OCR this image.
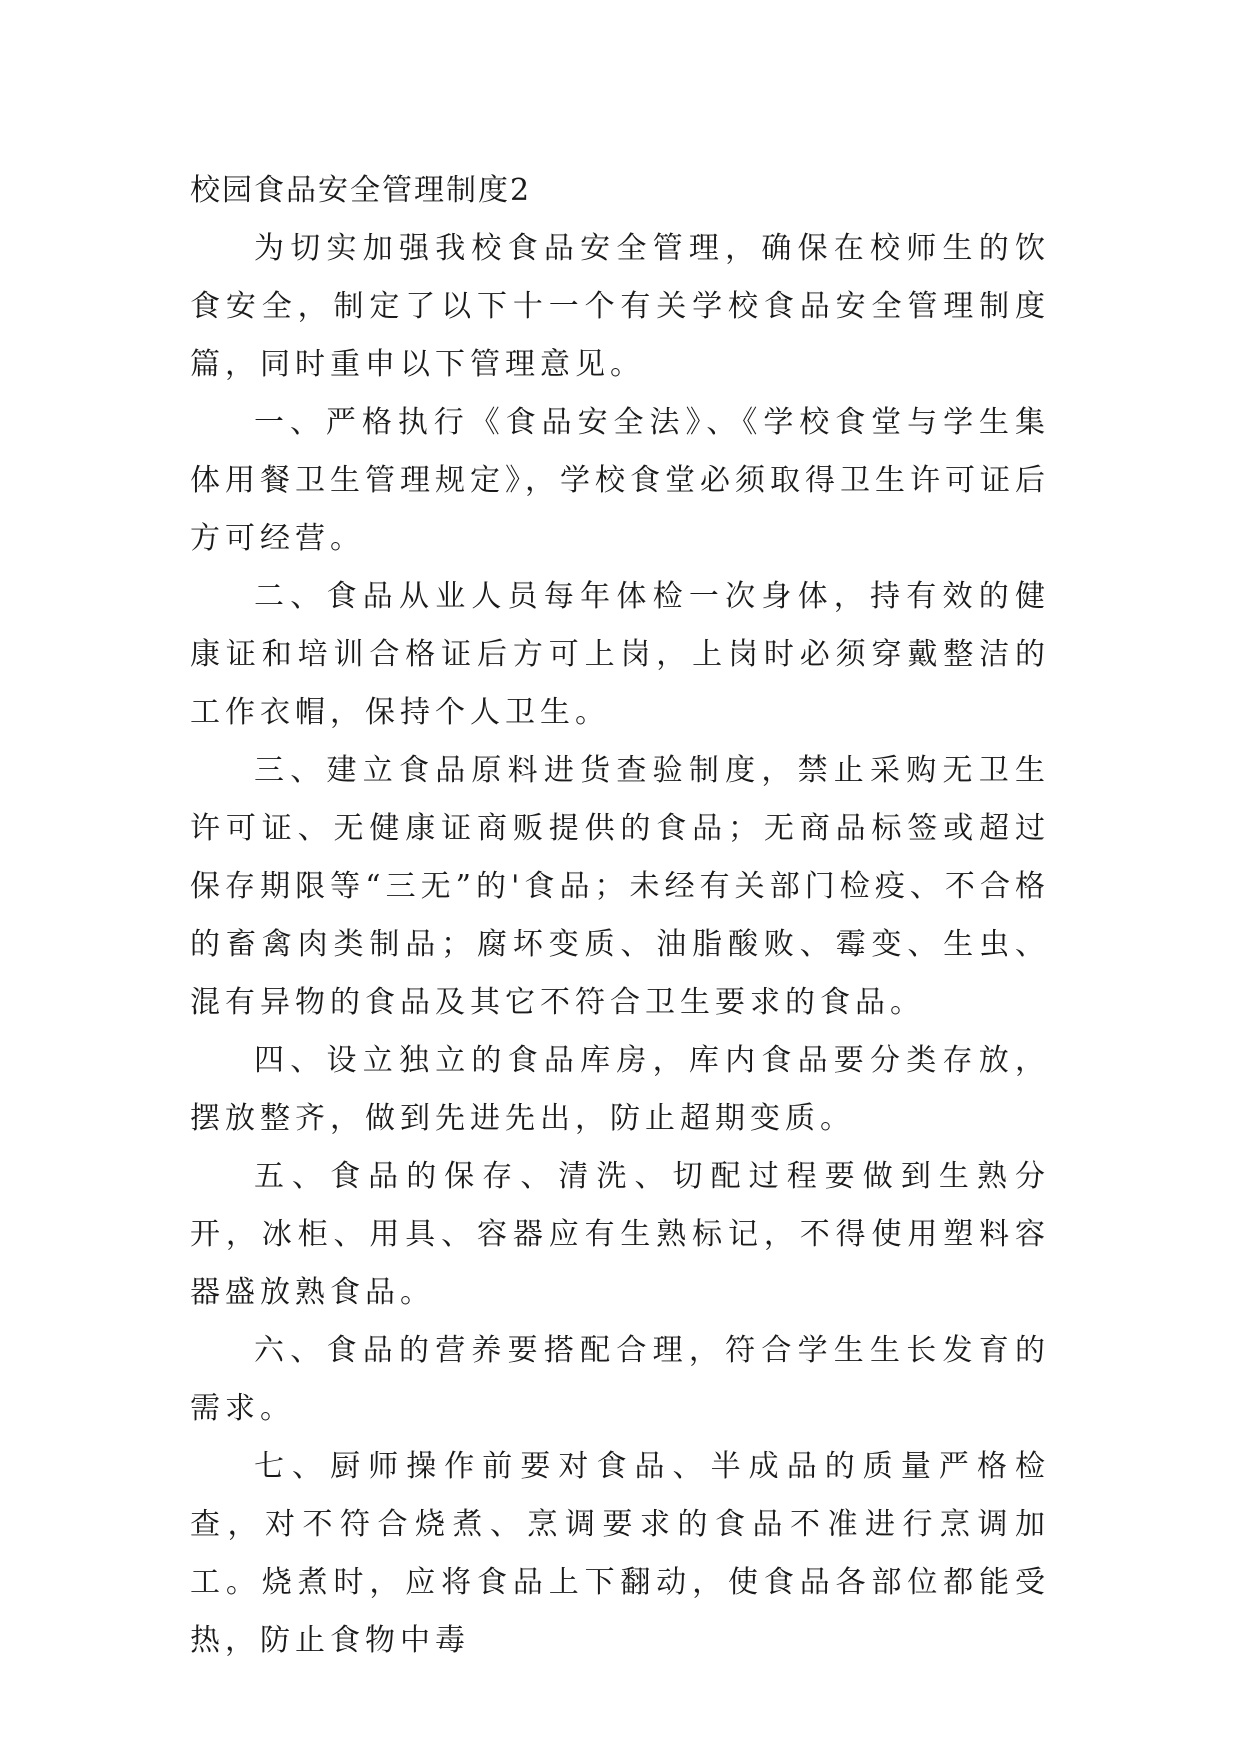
校园食品安全管理制度2

为切实加强我校食品安全管理，确保在校师生的饮食安全，制定了以下十一个有关学校食品安全管理制度篇，同时重申以下管理意见。

一、严格执行《食品安全法》、《学校食堂与学生集体用餐卫生管理规定》，学校食堂必须取得卫生许可证后方可经营。

二、食品从业人员每年体检一次身体，持有效的健康证和培训合格证后方可上岗，上岗时必须穿戴整洁的工作衣帽，保持个人卫生。

三、建立食品原料进货查验制度，禁止采购无卫生许可证、无健康证商贩提供的食品；无商品标签或超过保存期限等“三无”的'食品；未经有关部门检疫、不合格的畜禽肉类制品；腐坏变质、油脂酸败、霉变、生虫、混有异物的食品及其它不符合卫生要求的食品。

四、设立独立的食品库房，库内食品要分类存放，摆放整齐，做到先进先出，防止超期变质。

五、食品的保存、清洗、切配过程要做到生熟分开，冰柜、用具、容器应有生熟标记，不得使用塑料容器盛放熟食品。

六、食品的营养要搭配合理，符合学生生长发育的需求。

七、厨师操作前要对食品、半成品的质量严格检查，对不符合烧煮、烹调要求的食品不准进行烹调加工。烧煮时，应将食品上下翻动，使食品各部位都能受热，防止食物中毒
